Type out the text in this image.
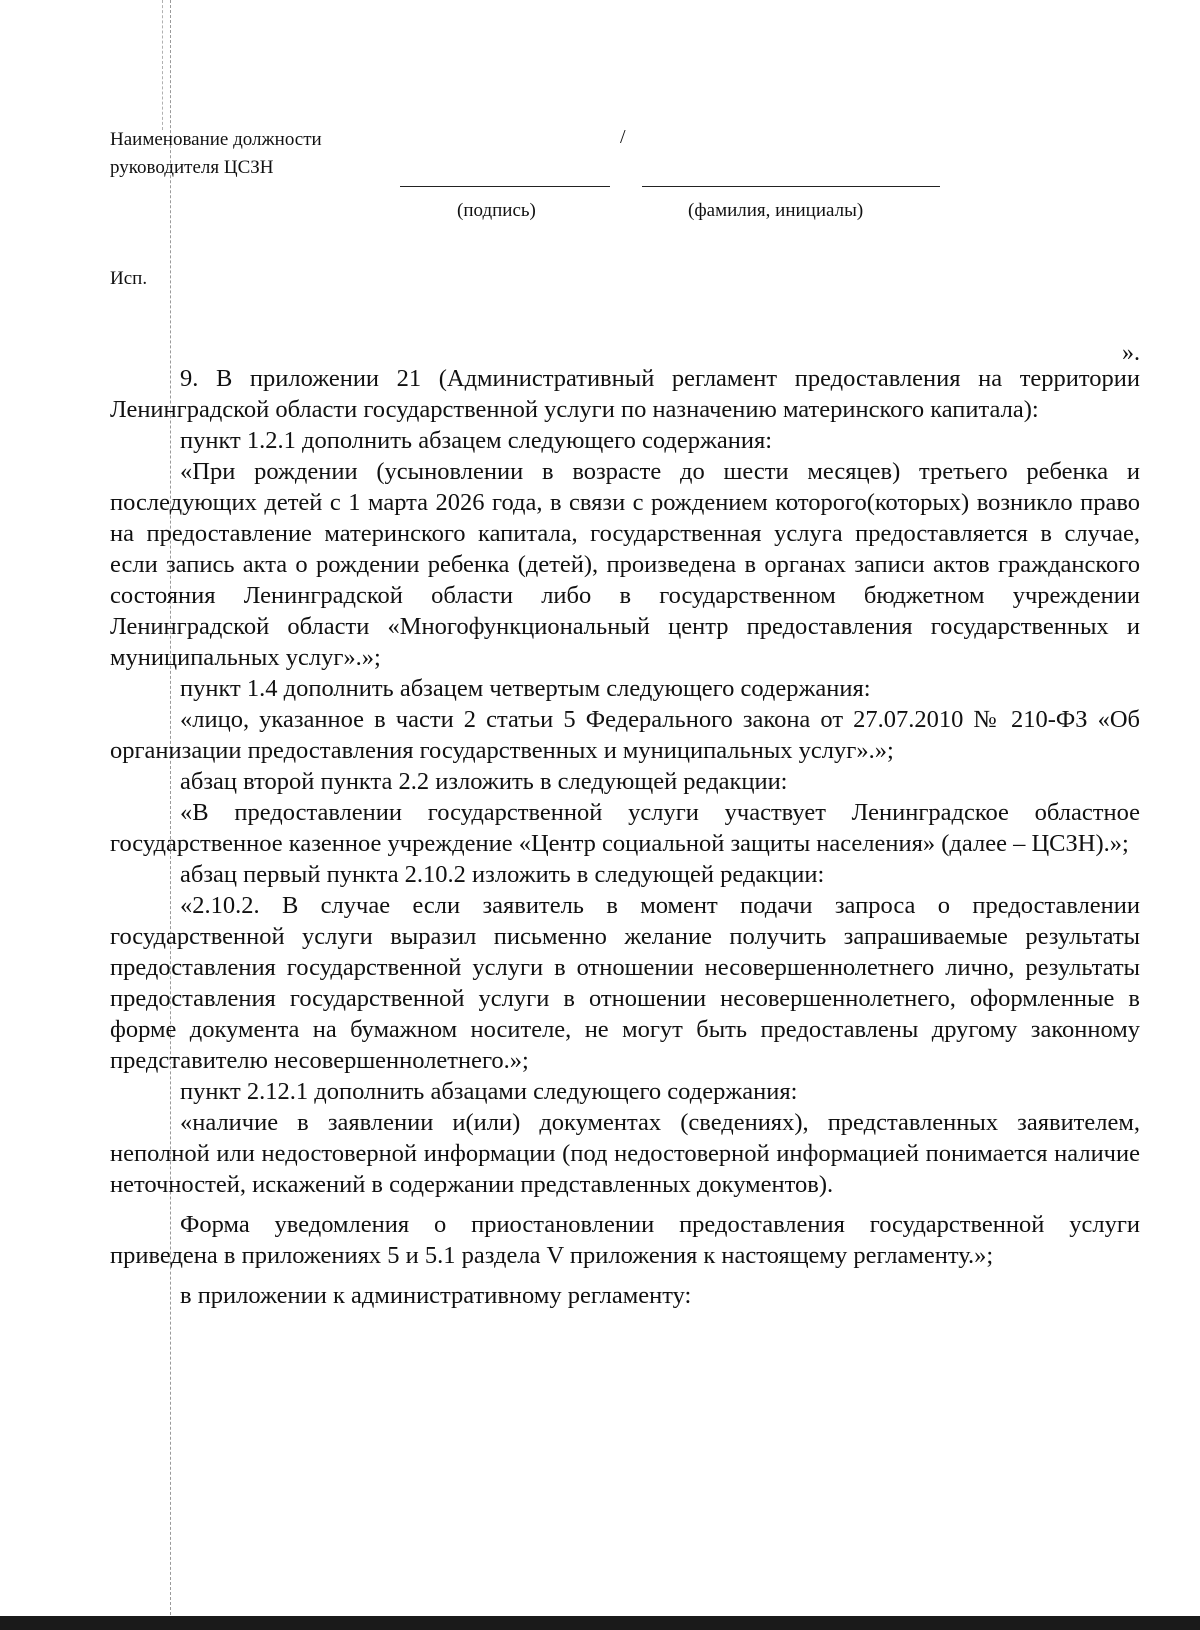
Наименование должности
руководителя ЦСЗН
/
(подпись)	(фамилия, инициалы)
Исп.
».

9. В приложении 21 (Административный регламент предоставления на территории Ленинградской области государственной услуги по назначению материнского капитала):

пункт 1.2.1 дополнить абзацем следующего содержания:

«При рождении (усыновлении в возрасте до шести месяцев) третьего ребенка и последующих детей с 1 марта 2026 года, в связи с рождением которого(которых) возникло право на предоставление материнского капитала, государственная услуга предоставляется в случае, если запись акта о рождении ребенка (детей), произведена в органах записи актов гражданского состояния Ленинградской области либо в государственном бюджетном учреждении Ленинградской области «Многофункциональный центр предоставления государственных и муниципальных услуг».»;

пункт 1.4 дополнить абзацем четвертым следующего содержания:

«лицо, указанное в части 2 статьи 5 Федерального закона от 27.07.2010 № 210-ФЗ «Об организации предоставления государственных и муниципальных услуг».»;

абзац второй пункта 2.2 изложить в следующей редакции:

«В предоставлении государственной услуги участвует Ленинградское областное государственное казенное учреждение «Центр социальной защиты населения» (далее – ЦСЗН).»;

абзац первый пункта 2.10.2 изложить в следующей редакции:

«2.10.2. В случае если заявитель в момент подачи запроса о предоставлении государственной услуги выразил письменно желание получить запрашиваемые результаты предоставления государственной услуги в отношении несовершеннолетнего лично, результаты предоставления государственной услуги в отношении несовершеннолетнего, оформленные в форме документа на бумажном носителе, не могут быть предоставлены другому законному представителю несовершеннолетнего.»;

пункт 2.12.1 дополнить абзацами следующего содержания:

«наличие в заявлении и(или) документах (сведениях), представленных заявителем, неполной или недостоверной информации (под недостоверной информацией понимается наличие неточностей, искажений в содержании представленных документов).

Форма уведомления о приостановлении предоставления государственной услуги приведена в приложениях 5 и 5.1 раздела V приложения к настоящему регламенту.»;

в приложении к административному регламенту:
